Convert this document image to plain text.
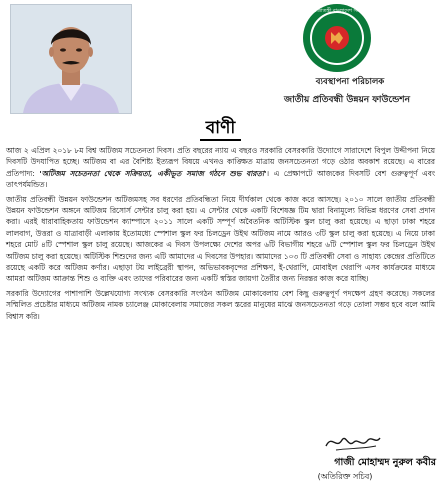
গণপ্রজাতন্ত্রী বাংলাদেশ সরকার
ব্যবস্থাপনা পরিচালক
জাতীয় প্রতিবন্ধী উন্নয়ন ফাউন্ডেশন
বাণী

আজ ২ এপ্রিল ২০১৮ ৮ম বিশ্ব অটিজম সচেতনতা দিবস। প্রতি বছরের ন্যায় এ বছরও সরকারি বেসরকারি উদ্যোগে সারাদেশে বিপুল উদ্দীপনা নিয়ে দিবসটি উদযাপিত হচ্ছে। অটিজম বা এর বৈশিষ্ট্য ইত্যরূপ বিষয়ে এখনও কাঙ্ক্ষিত মাত্রায় জনসচেতনতা গড়ে ওঠার অবকাশ রয়েছে। এ বারের প্রতিপাদ্য: 'অটিজম সচেতনতা থেকে সক্রিয়তা, একীভূত সমাজ গঠনে শুভ বারতা'। এ প্রেক্ষাপটে আজকের দিবসটি বেশ গুরুত্বপূর্ণ এবং তাৎপর্যমন্ডিত।

জাতীয় প্রতিবন্ধী উন্নয়ন ফাউন্ডেশন অটিজমসহ সব ধরণের প্রতিবন্ধিতা নিয়ে দীর্ঘকাল থেকে কাজ করে আসছে। ২০১০ সালে জাতীয় প্রতিবন্ধী উন্নয়ন ফাউন্ডেশন অঙ্গনে অটিজম রিসোর্স সেন্টার চালু করা হয়। এ সেন্টার থেকে একটি বিশেষজ্ঞ টিম দ্বারা বিনামূল্যে বিভিন্ন ধরণের সেবা প্রদান করা। এরই ধারাবাহিকতায় ফাউন্ডেশন ক্যাম্পাসে ২০১১ সালে একটি সম্পূর্ণ অবৈতনিক অটিস্টিক স্কুল চালু করা হয়েছে। এ ছাড়া ঢাকা শহরে লালবাগ, উত্তরা ও যাত্রাবাড়ী এলাকায় ইতোমধ্যে স্পেশাল স্কুল ফর চিলড্রেন উইথ অটিজম নামে আরও ৩টি স্কুল চালু করা হয়েছে। এ নিয়ে ঢাকা শহরে মোট ৪টি স্পেশাল স্কুল চালু রয়েছে। আজকের এ দিবস উপলক্ষ্যে দেশের অপর ৬টি বিভাগীয় শহরে ৬টি স্পেশাল স্কুল ফর চিলড্রেন উইথ অটিজম চালু করা হয়েছে। অটিস্টিক শিশুদের জন্য এটি আমাদের এ দিবসের উপহার। আমাদের ১০৩ টি প্রতিবন্ধী সেবা ও সাহায্য কেন্দ্রের প্রতিটিতে রয়েছে একটি করে অটিজম কর্ণার। এছাড়া টয় লাইব্রেরী স্থাপন, অভিভাবকবৃন্দের প্রশিক্ষণ, ই-থেরাপি, মোবাইল থেরাপি এসব কার্যক্রমের মাধ্যমে আমরা অটিজম আক্রান্ত শিশু ও ব্যক্তি এবং তাদের পরিবারের জন্য একটি স্বস্তির জায়গা তৈরীর জন্য নিরন্তর কাজ করে যাচ্ছি।

সরকারি উদ্যোগের পাশাপাশি উল্লেখযোগ্য সংখ্যক বেসরকারি সংগঠন অটিজম মোকাবেলায় বেশ কিছু গুরুত্বপূর্ণ পদক্ষেপ গ্রহণ করেছে। সকলের সম্মিলিত প্রচেষ্টার মাধ্যমে অটিজম নামক চ্যালেঞ্জ মোকাবেলায় সমাজের সকল স্তরের মানুষের মাঝে জনসচেতনতা গড়ে তোলা সম্ভব হবে বলে আমি বিশ্বাস করি।

গাজী মোহাম্মদ নুরুল কবীর
(অতিরিক্ত সচিব)
